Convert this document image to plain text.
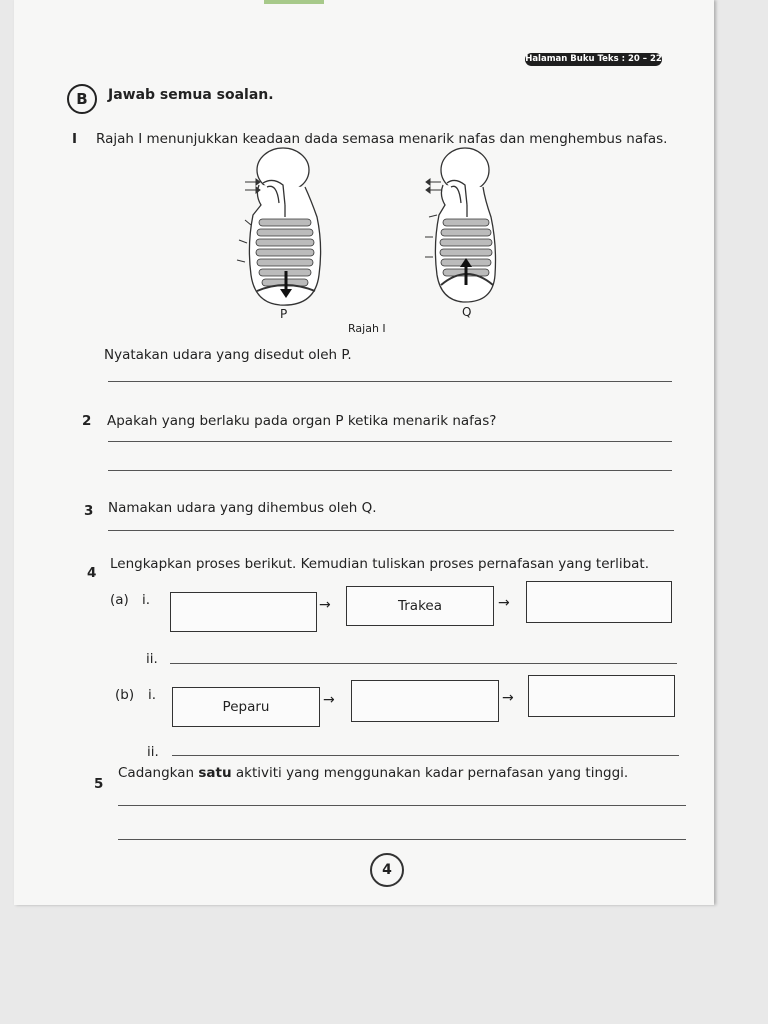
Halaman Buku Teks : 20 – 22
B	Jawab semua soalan.
I Rajah I menunjukkan keadaan dada semasa menarik nafas dan menghembus nafas.
P	Q
Rajah I
Nyatakan udara yang disedut oleh P.
2 Apakah yang berlaku pada organ P ketika menarik nafas?
3 Namakan udara yang dihembus oleh Q.
4
Lengkapkan proses berikut. Kemudian tuliskan proses pernafasan yang terlibat.
(a) i.	→	Trakea	→
ii.
(b) i.
Peparu	→	→
ii.
5
Cadangkan satu aktiviti yang menggunakan kadar pernafasan yang tinggi.
4
